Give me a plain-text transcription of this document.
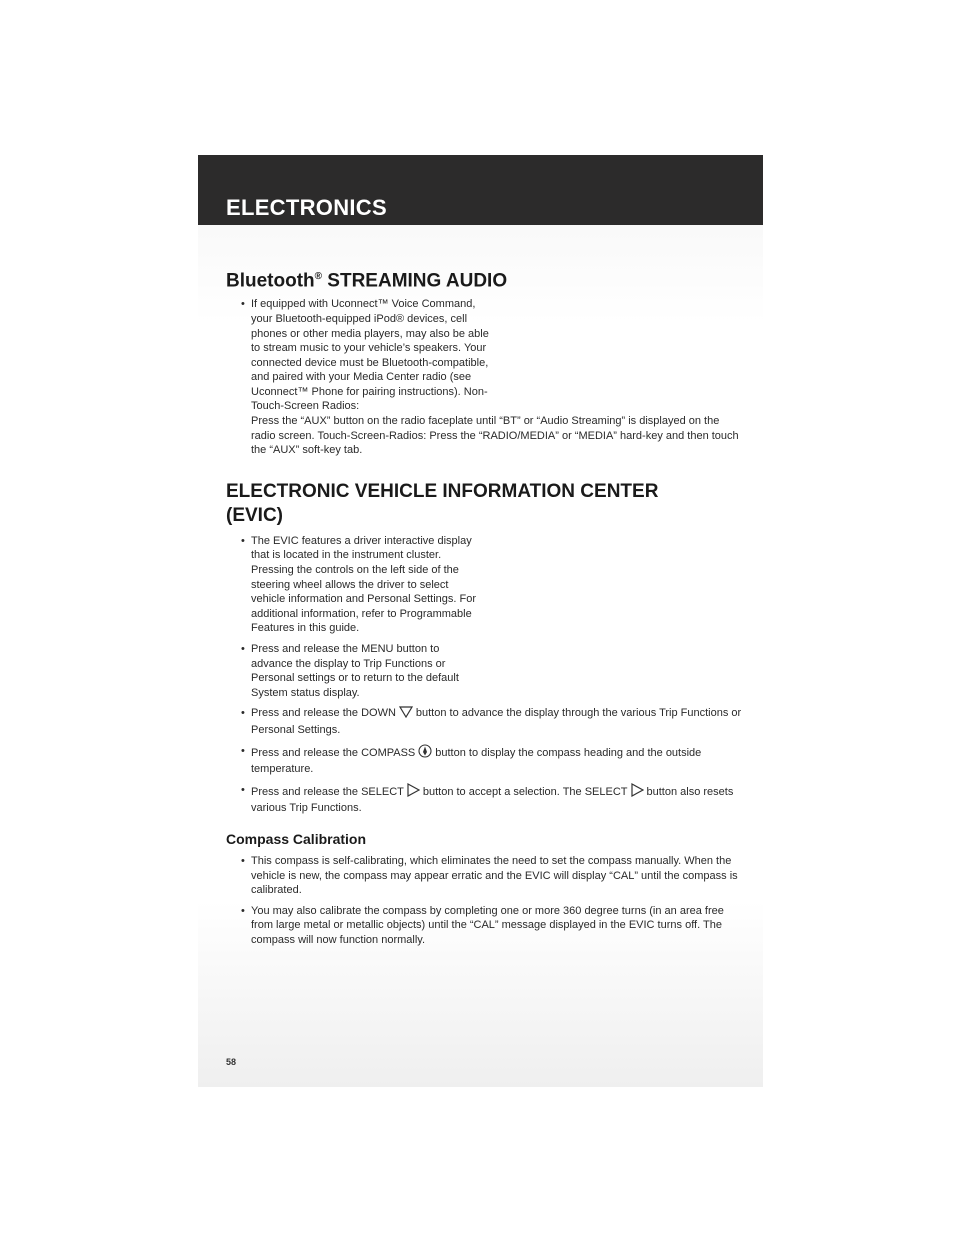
ELECTRONICS
Bluetooth® STREAMING AUDIO
• If equipped with Uconnect™ Voice Command, your Bluetooth-equipped iPod® devices, cell phones or other media players, may also be able to stream music to your vehicle’s speakers. Your connected device must be Bluetooth-compatible, and paired with your Media Center radio (see Uconnect™ Phone for pairing instructions). Non-Touch-Screen Radios:
Press the “AUX” button on the radio faceplate until “BT” or “Audio Streaming” is displayed on the radio screen. Touch-Screen-Radios: Press the “RADIO/MEDIA” or “MEDIA” hard-key and then touch the “AUX” soft-key tab.
ELECTRONIC VEHICLE INFORMATION CENTER
(EVIC)
• The EVIC features a driver interactive display that is located in the instrument cluster. Pressing the controls on the left side of the steering wheel allows the driver to select vehicle information and Personal Settings. For additional information, refer to Programmable Features in this guide.
• Press and release the MENU button to advance the display to Trip Functions or Personal settings or to return to the default System status display.
• Press and release the DOWN button to advance the display through the various Trip Functions or Personal Settings.
• Press and release the COMPASS button to display the compass heading and the outside temperature.
• Press and release the SELECT button to accept a selection. The SELECT button also resets various Trip Functions.
Compass Calibration
• This compass is self-calibrating, which eliminates the need to set the compass manually. When the vehicle is new, the compass may appear erratic and the EVIC will display “CAL” until the compass is calibrated.
• You may also calibrate the compass by completing one or more 360 degree turns (in an area free from large metal or metallic objects) until the “CAL” message displayed in the EVIC turns off. The compass will now function normally.
58
